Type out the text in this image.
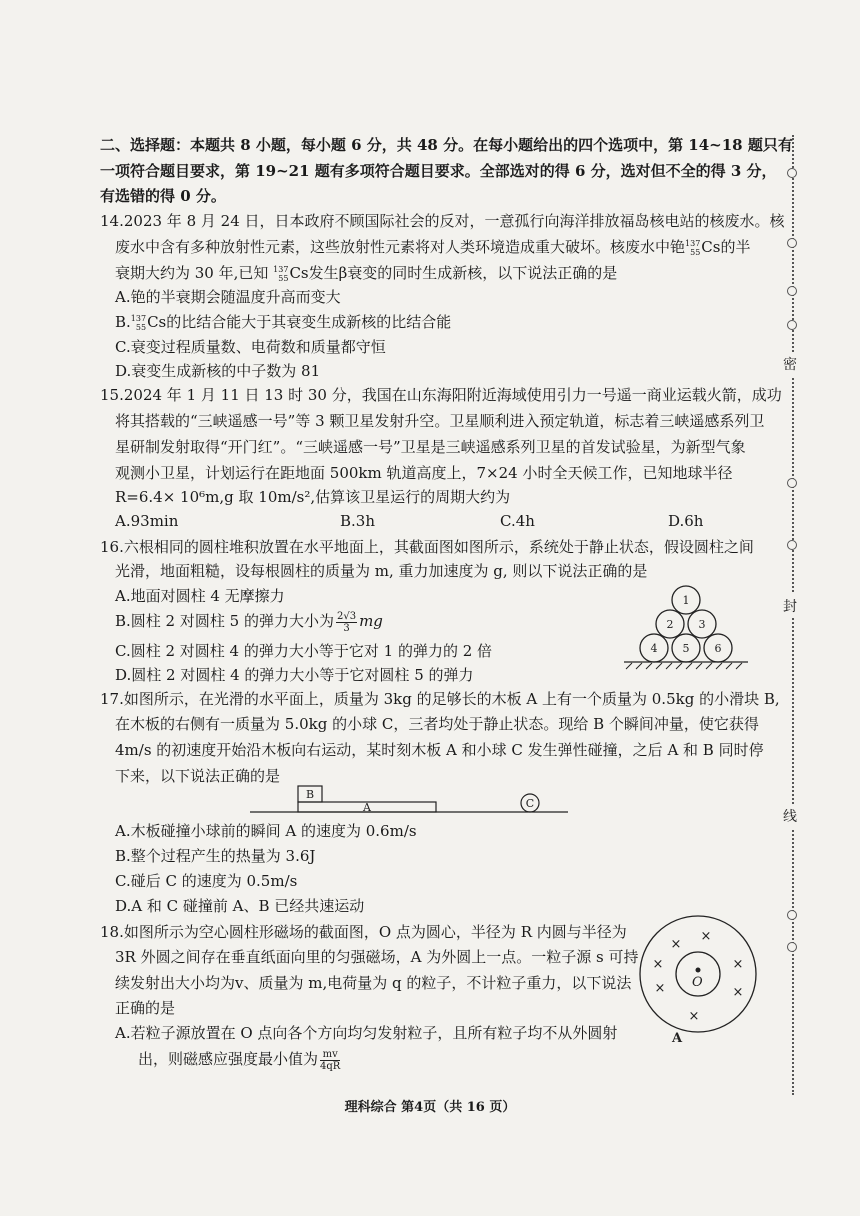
密
封
线
二、选择题：本题共 8 小题，每小题 6 分，共 48 分。在每小题给出的四个选项中，第 14~18 题只有
一项符合题目要求，第 19~21 题有多项符合题目要求。全部选对的得 6 分，选对但不全的得 3 分，
有选错的得 0 分。
14.2023 年 8 月 24 日，日本政府不顾国际社会的反对，一意孤行向海洋排放福岛核电站的核废水。核
废水中含有多种放射性元素，这些放射性元素将对人类环境造成重大破坏。核废水中铯 137
55 Cs的半
衰期大约为 30 年,已知 137
55 Cs发生β衰变的同时生成新核，以下说法正确的是
A.铯的半衰期会随温度升高而变大
B. 137
55 Cs的比结合能大于其衰变生成新核的比结合能
C.衰变过程质量数、电荷数和质量都守恒
D.衰变生成新核的中子数为 81
15.2024 年 1 月 11 日 13 时 30 分，我国在山东海阳附近海域使用引力一号遥一商业运载火箭，成功
将其搭载的“三峡遥感一号”等 3 颗卫星发射升空。卫星顺利进入预定轨道，标志着三峡遥感系列卫
星研制发射取得“开门红”。“三峡遥感一号”卫星是三峡遥感系列卫星的首发试验星，为新型气象
观测小卫星，计划运行在距地面 500km 轨道高度上，7×24 小时全天候工作，已知地球半径
R=6.4× 10⁶m,g 取 10m/s²,估算该卫星运行的周期大约为
A.93min	B.3h	C.4h	D.6h
16.六根相同的圆柱堆积放置在水平地面上，其截面图如图所示，系统处于静止状态，假设圆柱之间
光滑，地面粗糙，设每根圆柱的质量为 m, 重力加速度为 g, 则以下说法正确的是
A.地面对圆柱 4 无摩擦力
B.圆柱 2 对圆柱 5 的弹力大小为 $\frac{2√3}{3}$ mg
C.圆柱 2 对圆柱 4 的弹力大小等于它对 1 的弹力的 2 倍
D.圆柱 2 对圆柱 4 的弹力大小等于它对圆柱 5 的弹力
1
2 3
4 5 6
17.如图所示，在光滑的水平面上，质量为 3kg 的足够长的木板 A 上有一个质量为 0.5kg 的小滑块 B,
在木板的右侧有一质量为 5.0kg 的小球 C，三者均处于静止状态。现给 B 个瞬间冲量，使它获得
4m/s 的初速度开始沿木板向右运动，某时刻木板 A 和小球 C 发生弹性碰撞，之后 A 和 B 同时停
下来，以下说法正确的是
B
A	C
A.木板碰撞小球前的瞬间 A 的速度为 0.6m/s
B.整个过程产生的热量为 3.6J
C.碰后 C 的速度为 0.5m/s
D.A 和 C 碰撞前 A、B 已经共速运动
18.如图所示为空心圆柱形磁场的截面图，O 点为圆心，半径为 R 内圆与半径为
3R 外圆之间存在垂直纸面向里的匀强磁场，A 为外圆上一点。一粒子源 s 可持
续发射出大小均为v、质量为 m,电荷量为 q 的粒子，不计粒子重力，以下说法
正确的是
A.若粒子源放置在 O 点向各个方向均匀发射粒子，且所有粒子均不从外圆射
出，则磁感应强度最小值为 $\frac{mv}{4qR}$
×
×
×	×
×	×
×
O
A
理科综合 第4页（共 16 页）
